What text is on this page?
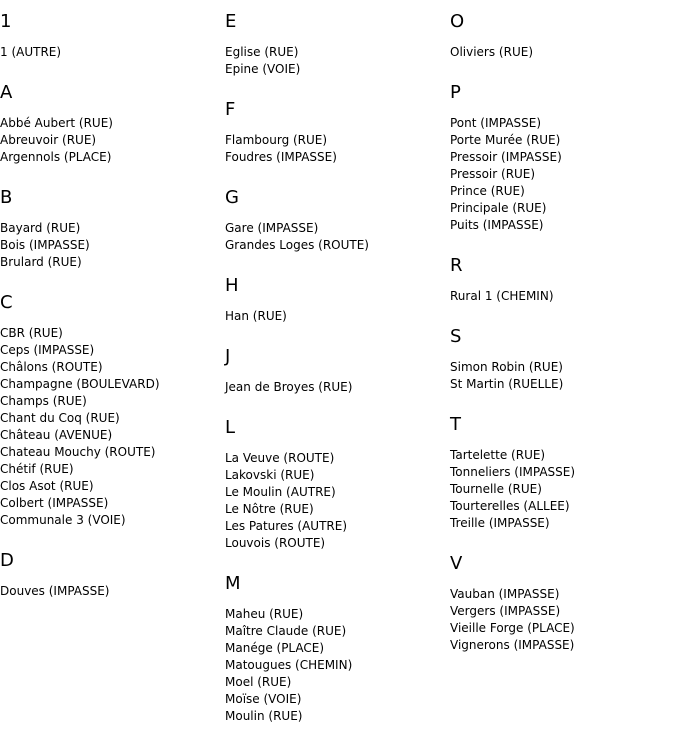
1
1 (AUTRE)
A
Abbé Aubert (RUE)
Abreuvoir (RUE)
Argennols (PLACE)
B
Bayard (RUE)
Bois (IMPASSE)
Brulard (RUE)
C
CBR (RUE)
Ceps (IMPASSE)
Châlons (ROUTE)
Champagne (BOULEVARD)
Champs (RUE)
Chant du Coq (RUE)
Château (AVENUE)
Chateau Mouchy (ROUTE)
Chétif (RUE)
Clos Asot (RUE)
Colbert (IMPASSE)
Communale 3 (VOIE)
D
Douves (IMPASSE)
E
Eglise (RUE)
Epine (VOIE)
F
Flambourg (RUE)
Foudres (IMPASSE)
G
Gare (IMPASSE)
Grandes Loges (ROUTE)
H
Han (RUE)
J
Jean de Broyes (RUE)
L
La Veuve (ROUTE)
Lakovski (RUE)
Le Moulin (AUTRE)
Le Nôtre (RUE)
Les Patures (AUTRE)
Louvois (ROUTE)
M
Maheu (RUE)
Maître Claude (RUE)
Manége (PLACE)
Matougues (CHEMIN)
Moel (RUE)
Moïse (VOIE)
Moulin (RUE)
O
Oliviers (RUE)
P
Pont (IMPASSE)
Porte Murée (RUE)
Pressoir (IMPASSE)
Pressoir (RUE)
Prince (RUE)
Principale (RUE)
Puits (IMPASSE)
R
Rural 1 (CHEMIN)
S
Simon Robin (RUE)
St Martin (RUELLE)
T
Tartelette (RUE)
Tonneliers (IMPASSE)
Tournelle (RUE)
Tourterelles (ALLEE)
Treille (IMPASSE)
V
Vauban (IMPASSE)
Vergers (IMPASSE)
Vieille Forge (PLACE)
Vignerons (IMPASSE)
